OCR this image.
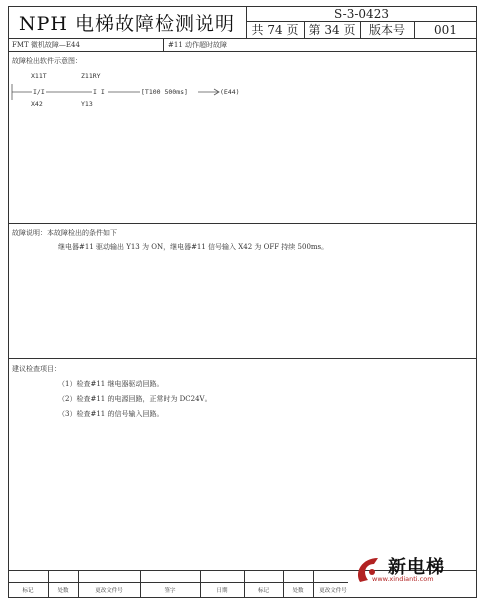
NPH 电梯故障检测说明	S-3-0423
共 74 页 第 34 页	版本号	001
FMT 微机故障—E44	#11 动作超时故障
故障检出软件示意图：
X11T	Z11RY
I/I	I I	[T100 500ms]	(E44)
X42	Y13
故障说明：本故障检出的条件如下
继电器#11 驱动输出 Y13 为 ON，继电器#11 信号输入 X42 为 OFF 持续 500ms。
建议检查项目：
（1）检查#11 继电器驱动回路。
（2）检查#11 的电源回路，正常时为 DC24V。
（3）检查#11 的信号输入回路。
标记	处数	更改文件号	签字	日期	标记	处数	更改文件号
新电梯
www.xindianti.com
